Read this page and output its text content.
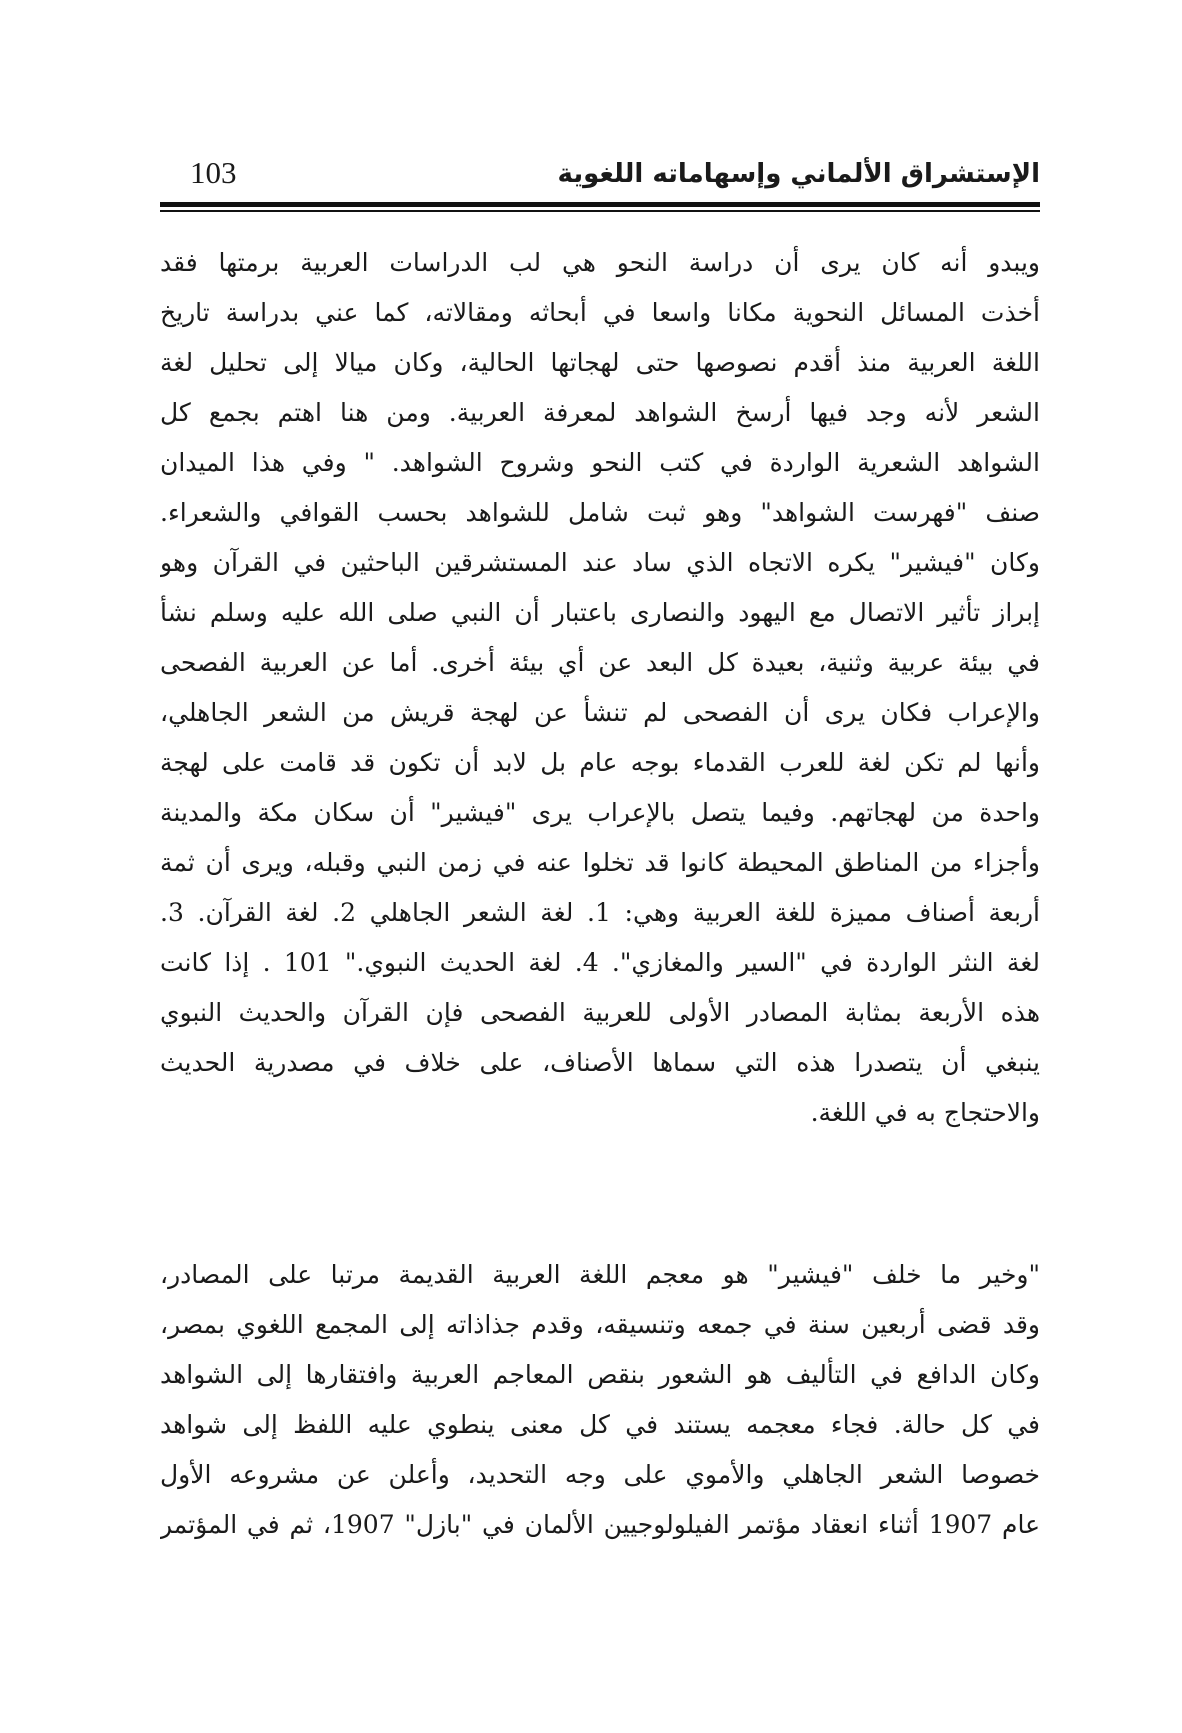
الإستشراق الألماني وإسهاماته اللغوية
103
ويبدو أنه كان يرى أن دراسة النحو هي لب الدراسات العربية برمتها فقد
أخذت المسائل النحوية مكانا واسعا في أبحاثه ومقالاته، كما عني بدراسة تاريخ
اللغة العربية منذ أقدم نصوصها حتى لهجاتها الحالية، وكان ميالا إلى تحليل لغة
الشعر لأنه وجد فيها أرسخ الشواهد لمعرفة العربية. ومن هنا اهتم بجمع كل
الشواهد الشعرية الواردة في كتب النحو وشروح الشواهد. " وفي هذا الميدان
صنف "فهرست الشواهد" وهو ثبت شامل للشواهد بحسب القوافي والشعراء.
وكان "فيشير" يكره الاتجاه الذي ساد عند المستشرقين الباحثين في القرآن وهو
إبراز تأثير الاتصال مع اليهود والنصارى باعتبار أن النبي صلى الله عليه وسلم نشأ
في بيئة عربية وثنية، بعيدة كل البعد عن أي بيئة أخرى. أما عن العربية الفصحى
والإعراب فكان يرى أن الفصحى لم تنشأ عن لهجة قريش من الشعر الجاهلي،
وأنها لم تكن لغة للعرب القدماء بوجه عام بل لابد أن تكون قد قامت على لهجة
واحدة من لهجاتهم. وفيما يتصل بالإعراب يرى "فيشير" أن سكان مكة والمدينة
وأجزاء من المناطق المحيطة كانوا قد تخلوا عنه في زمن النبي وقبله، ويرى أن ثمة
أربعة أصناف مميزة للغة العربية وهي: 1. لغة الشعر الجاهلي 2. لغة القرآن. 3.
لغة النثر الواردة في "السير والمغازي". 4. لغة الحديث النبوي." 101 . إذا كانت
هذه الأربعة بمثابة المصادر الأولى للعربية الفصحى فإن القرآن والحديث النبوي
ينبغي أن يتصدرا هذه التي سماها الأصناف، على خلاف في مصدرية الحديث
والاحتجاج به في اللغة.
"وخير ما خلف "فيشير" هو معجم اللغة العربية القديمة مرتبا على المصادر،
وقد قضى أربعين سنة في جمعه وتنسيقه، وقدم جذاذاته إلى المجمع اللغوي بمصر،
وكان الدافع في التأليف هو الشعور بنقص المعاجم العربية وافتقارها إلى الشواهد
في كل حالة. فجاء معجمه يستند في كل معنى ينطوي عليه اللفظ إلى شواهد
خصوصا الشعر الجاهلي والأموي على وجه التحديد، وأعلن عن مشروعه الأول
عام 1907 أثناء انعقاد مؤتمر الفيلولوجيين الألمان في "بازل" 1907، ثم في المؤتمر
